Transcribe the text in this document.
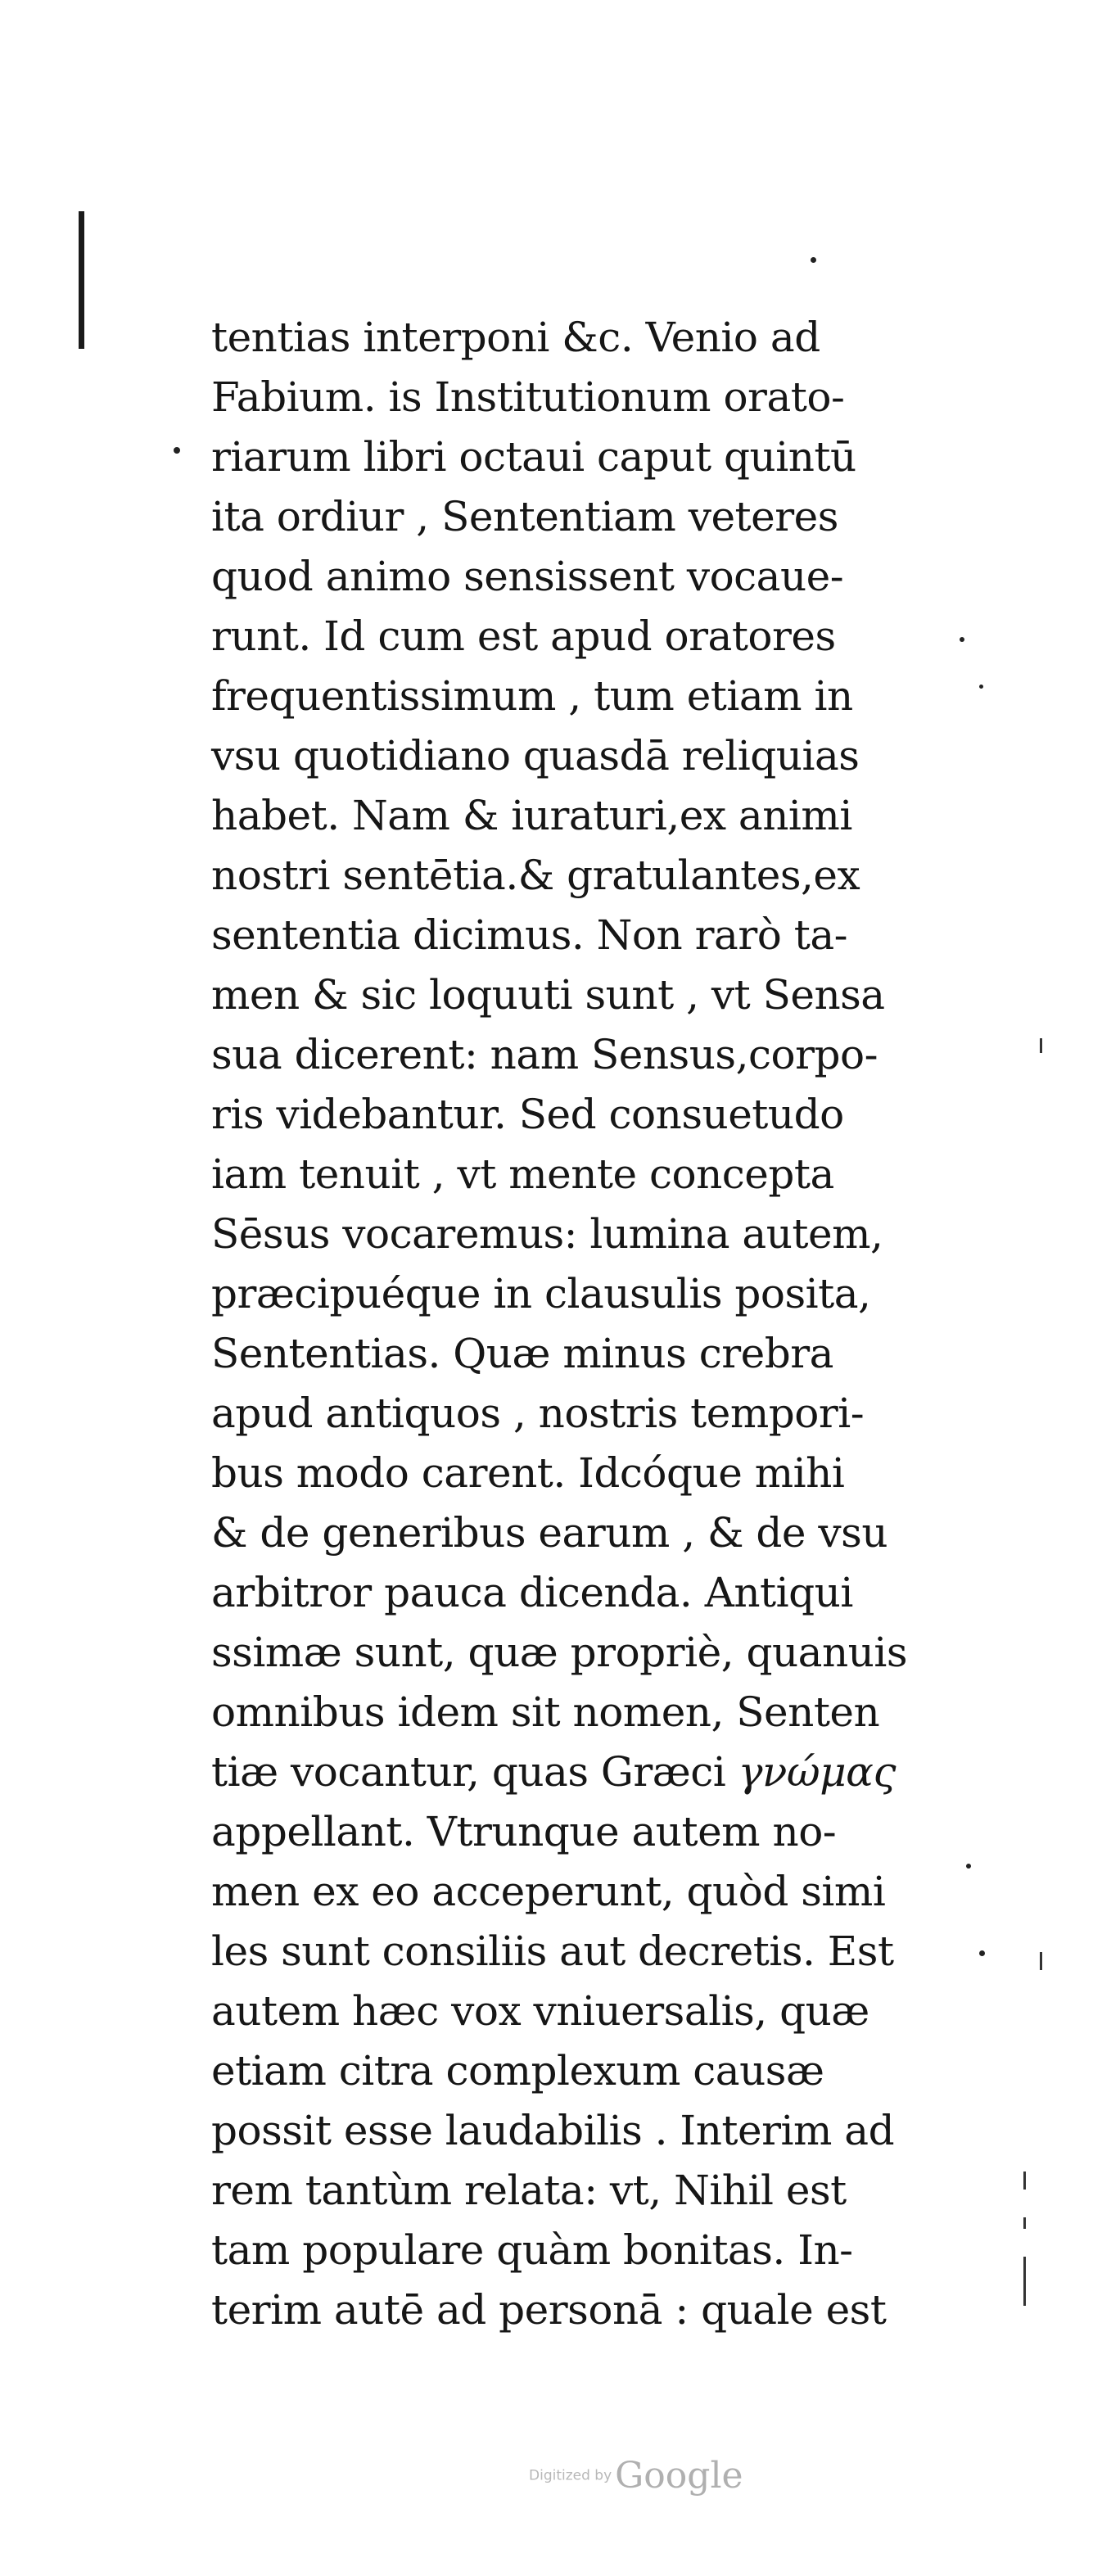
tentias interponi &c. Venio ad
Fabium. is Institutionum orato-
riarum libri octaui caput quintū
ita ordiur , Sententiam veteres
quod animo sensissent vocaue-
runt. Id cum est apud oratores
frequentissimum , tum etiam in
vsu quotidiano quasdā reliquias
habet. Nam & iuraturi,ex animi
nostri sentētia.& gratulantes,ex
sententia dicimus. Non rarò ta-
men & sic loquuti sunt , vt Sensa
sua dicerent: nam Sensus,corpo-
ris videbantur. Sed consuetudo
iam tenuit , vt mente concepta
Sēsus vocaremus: lumina autem,
præcipuéque in clausulis posita,
Sententias. Quæ minus crebra
apud antiquos , nostris tempori-
bus modo carent. Idcóque mihi
& de generibus earum , & de vsu
arbitror pauca dicenda. Antiqui
ssimæ sunt, quæ propriè, quanuis
omnibus idem sit nomen, Senten
tiæ vocantur, quas Græci γνώμας
appellant. Vtrunque autem no-
men ex eo acceperunt, quòd simi
les sunt consiliis aut decretis. Est
autem hæc vox vniuersalis, quæ
etiam citra complexum causæ
possit esse laudabilis . Interim ad
rem tantùm relata: vt, Nihil est
tam populare quàm bonitas. In-
terim autē ad personā : quale est
Digitized by Google
